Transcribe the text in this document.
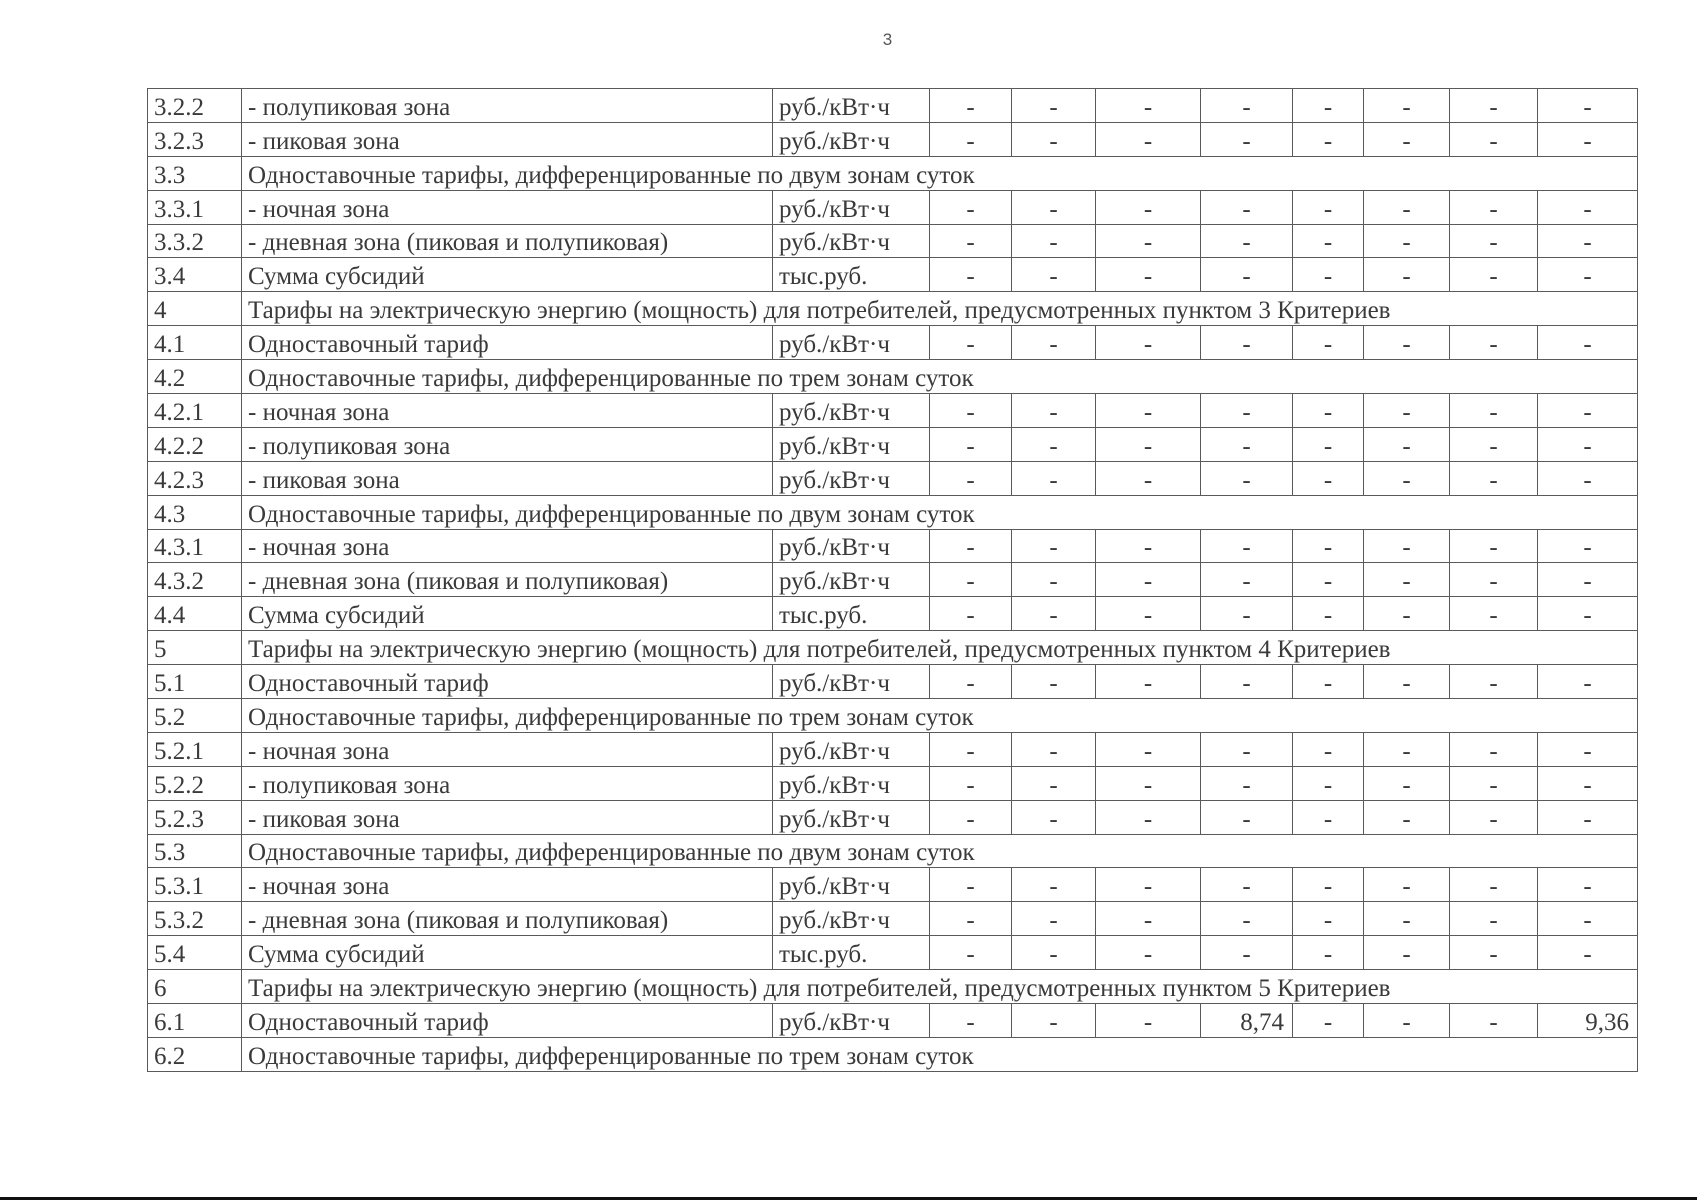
3
3.2.2	- полупиковая зона	руб./кВт·ч	-	-	-	-	-	-	-	-
3.2.3	- пиковая зона	руб./кВт·ч	-	-	-	-	-	-	-	-
3.3	Одноставочные тарифы, дифференцированные по двум зонам суток									
3.3.1	- ночная зона	руб./кВт·ч	-	-	-	-	-	-	-	-
3.3.2	- дневная зона (пиковая и полупиковая)	руб./кВт·ч	-	-	-	-	-	-	-	-
3.4	Сумма субсидий	тыс.руб.	-	-	-	-	-	-	-	-
4	Тарифы на электрическую энергию (мощность) для потребителей, предусмотренных пунктом 3 Критериев									
4.1	Одноставочный тариф	руб./кВт·ч	-	-	-	-	-	-	-	-
4.2	Одноставочные тарифы, дифференцированные по трем зонам суток									
4.2.1	- ночная зона	руб./кВт·ч	-	-	-	-	-	-	-	-
4.2.2	- полупиковая зона	руб./кВт·ч	-	-	-	-	-	-	-	-
4.2.3	- пиковая зона	руб./кВт·ч	-	-	-	-	-	-	-	-
4.3	Одноставочные тарифы, дифференцированные по двум зонам суток									
4.3.1	- ночная зона	руб./кВт·ч	-	-	-	-	-	-	-	-
4.3.2	- дневная зона (пиковая и полупиковая)	руб./кВт·ч	-	-	-	-	-	-	-	-
4.4	Сумма субсидий	тыс.руб.	-	-	-	-	-	-	-	-
5	Тарифы на электрическую энергию (мощность) для потребителей, предусмотренных пунктом 4 Критериев									
5.1	Одноставочный тариф	руб./кВт·ч	-	-	-	-	-	-	-	-
5.2	Одноставочные тарифы, дифференцированные по трем зонам суток									
5.2.1	- ночная зона	руб./кВт·ч	-	-	-	-	-	-	-	-
5.2.2	- полупиковая зона	руб./кВт·ч	-	-	-	-	-	-	-	-
5.2.3	- пиковая зона	руб./кВт·ч	-	-	-	-	-	-	-	-
5.3	Одноставочные тарифы, дифференцированные по двум зонам суток									
5.3.1	- ночная зона	руб./кВт·ч	-	-	-	-	-	-	-	-
5.3.2	- дневная зона (пиковая и полупиковая)	руб./кВт·ч	-	-	-	-	-	-	-	-
5.4	Сумма субсидий	тыс.руб.	-	-	-	-	-	-	-	-
6	Тарифы на электрическую энергию (мощность) для потребителей, предусмотренных пунктом 5 Критериев									
6.1	Одноставочный тариф	руб./кВт·ч	-	-	-	8,74	-	-	-	9,36
6.2	Одноставочные тарифы, дифференцированные по трем зонам суток									
